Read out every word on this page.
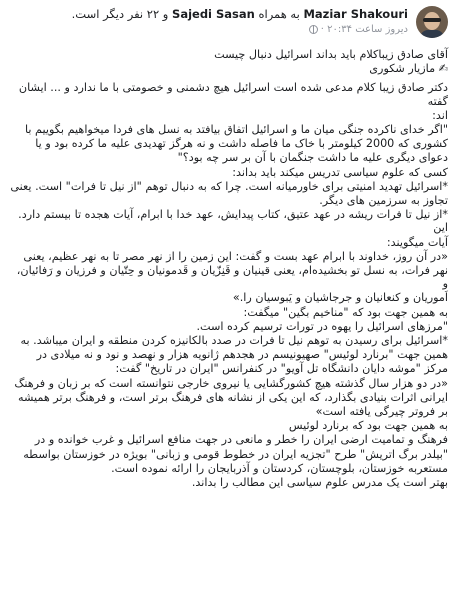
Maziar Shakouri به همراه Sajedi Sasan و ۲۲ نفر دیگر است.
دیروز ساعت ۲۰:۳۴ ·

آقای صادق زیباکلام باید بداند اسرائیل دنبال چیست

✍ مازیار شکوری

دکتر صادق زیبا کلام مدعی شده است اسرائیل هیچ دشمنی و خصومتی با ما ندارد و ... ایشان گفته

اند:

"اگر خدای ناکرده جنگی میان ما و اسرائیل اتفاق بیافتد به نسل های فردا میخواهیم بگوییم با

کشوری که 2000 کیلومتر با خاک ما فاصله داشت و نه هرگز تهدیدی علیه ما کرده بود و یا

دعوای دیگری علیه ما داشت جنگمان با آن بر سر چه بود؟"

کسی که علوم سیاسی تدریس میکند باید بداند:

*اسرائیل تهدید امنیتی برای خاورمیانه است. چرا که به دنبال توهم "از نیل تا فرات" است. یعنی

تجاوز به سرزمین های دیگر.

*از نیل تا فرات ریشه در عهد عتیق، کتاب پیدایش، عهد خدا با ابرام، آیات هجده تا بیستم دارد. این

آیات میگویند:

«در آن روز، خداوند با ابرام عهد بست و گفت: این زمین را از نهر مصر تا به نهر عظیم، یعنی

نهر فرات، به نسل تو بخشیده‌ام، یعنی قینیان و قَنِزّیان و قَدمونیان و حِتّیان و فرزیان و رَفائیان، و

اَموریان و کنعانیان و جرجاشیان و یَبوسیان را.»

به همین جهت بود که "مناخیم بگین" میگفت:

"مرزهای اسرائیل را یهوه در تورات ترسیم کرده است.

*اسرائیل برای رسیدن به توهم نیل تا فرات در صدد بالکانیزه کردن منطقه و ایران میباشد. به

همین جهت "برنارد لوئیس" صهیونیسم در هجدهم ژانویه هزار و نهصد و نود و نه میلادی در

مرکز "موشه دایان دانشگاه تل آویو" در کنفرانس "ایران در تاریخ" گفت:

«در دو هزار سال گذشته هیچ کشورگشایی یا نیروی خارجی نتوانسته است که بر زبان و فرهنگ

ایرانی اثرات بنیادی بگذارد، که این یکی از نشانه های فرهنگ برتر است، و فرهنگ برتر همیشه

بر فروتر چیرگی یافته است»

به همین جهت بود که برنارد لوئیس

فرهنگ و تمامیت ارضی ایران را خطر و مانعی در جهت منافع اسرائیل و غرب خوانده و در

"بیلدر برگ اتریش" طرح "تجزیه ایران در خطوط قومی و زبانی" بویژه در خوزستان بواسطه

مستعربه خوزستان، بلوچستان، کردستان و آذربایجان را ارائه نموده است.

بهتر است یک مدرس علوم سیاسی این مطالب را بداند.
